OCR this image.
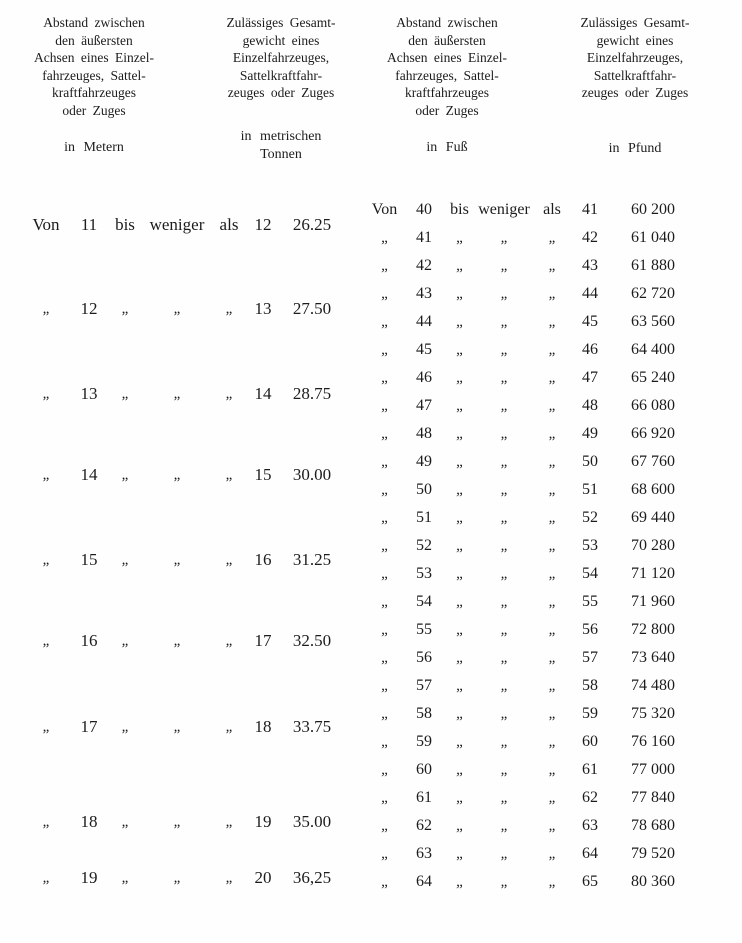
Abstand zwischen
den äußersten
Achsen eines Einzel-
fahrzeuges, Sattel-
kraftfahrzeuges
oder Zuges
in Metern
Zulässiges Gesamt-
gewicht eines
Einzelfahrzeuges,
Sattelkraftfahr-
zeuges oder Zuges
in metrischen
Tonnen
Abstand zwischen
den äußersten
Achsen eines Einzel-
fahrzeuges, Sattel-
kraftfahrzeuges
oder Zuges
in Fuß
Zulässiges Gesamt-
gewicht eines
Einzelfahrzeuges,
Sattelkraftfahr-
zeuges oder Zuges
in Pfund
Von	11	bis weniger als 12	26.25
„	12	„	„	„	13	27.50
„	13	„	„	„	14	28.75
„	14	„	„	„	15	30.00
„	15	„	„	„	16	31.25
„	16	„	„	„	17	32.50
„	17	„	„	„	18	33.75
„	18	„	„	„	19	35.00
„	19	„	„	„	20	36,25
Von	40	bis weniger als	41	60 200
„	41	„	„	„	42	61 040
„	42	„	„	„	43	61 880
„	43	„	„	„	44	62 720
„	44	„	„	„	45	63 560
„	45	„	„	„	46	64 400
„	46	„	„	„	47	65 240
„	47	„	„	„	48	66 080
„	48	„	„	„	49	66 920
„	49	„	„	„	50	67 760
„	50	„	„	„	51	68 600
„	51	„	„	„	52	69 440
„	52	„	„	„	53	70 280
„	53	„	„	„	54	71 120
„	54	„	„	„	55	71 960
„	55	„	„	„	56	72 800
„	56	„	„	„	57	73 640
„	57	„	„	„	58	74 480
„	58	„	„	„	59	75 320
„	59	„	„	„	60	76 160
„	60	„	„	„	61	77 000
„	61	„	„	„	62	77 840
„	62	„	„	„	63	78 680
„	63	„	„	„	64	79 520
„	64	„	„	„	65	80 360
